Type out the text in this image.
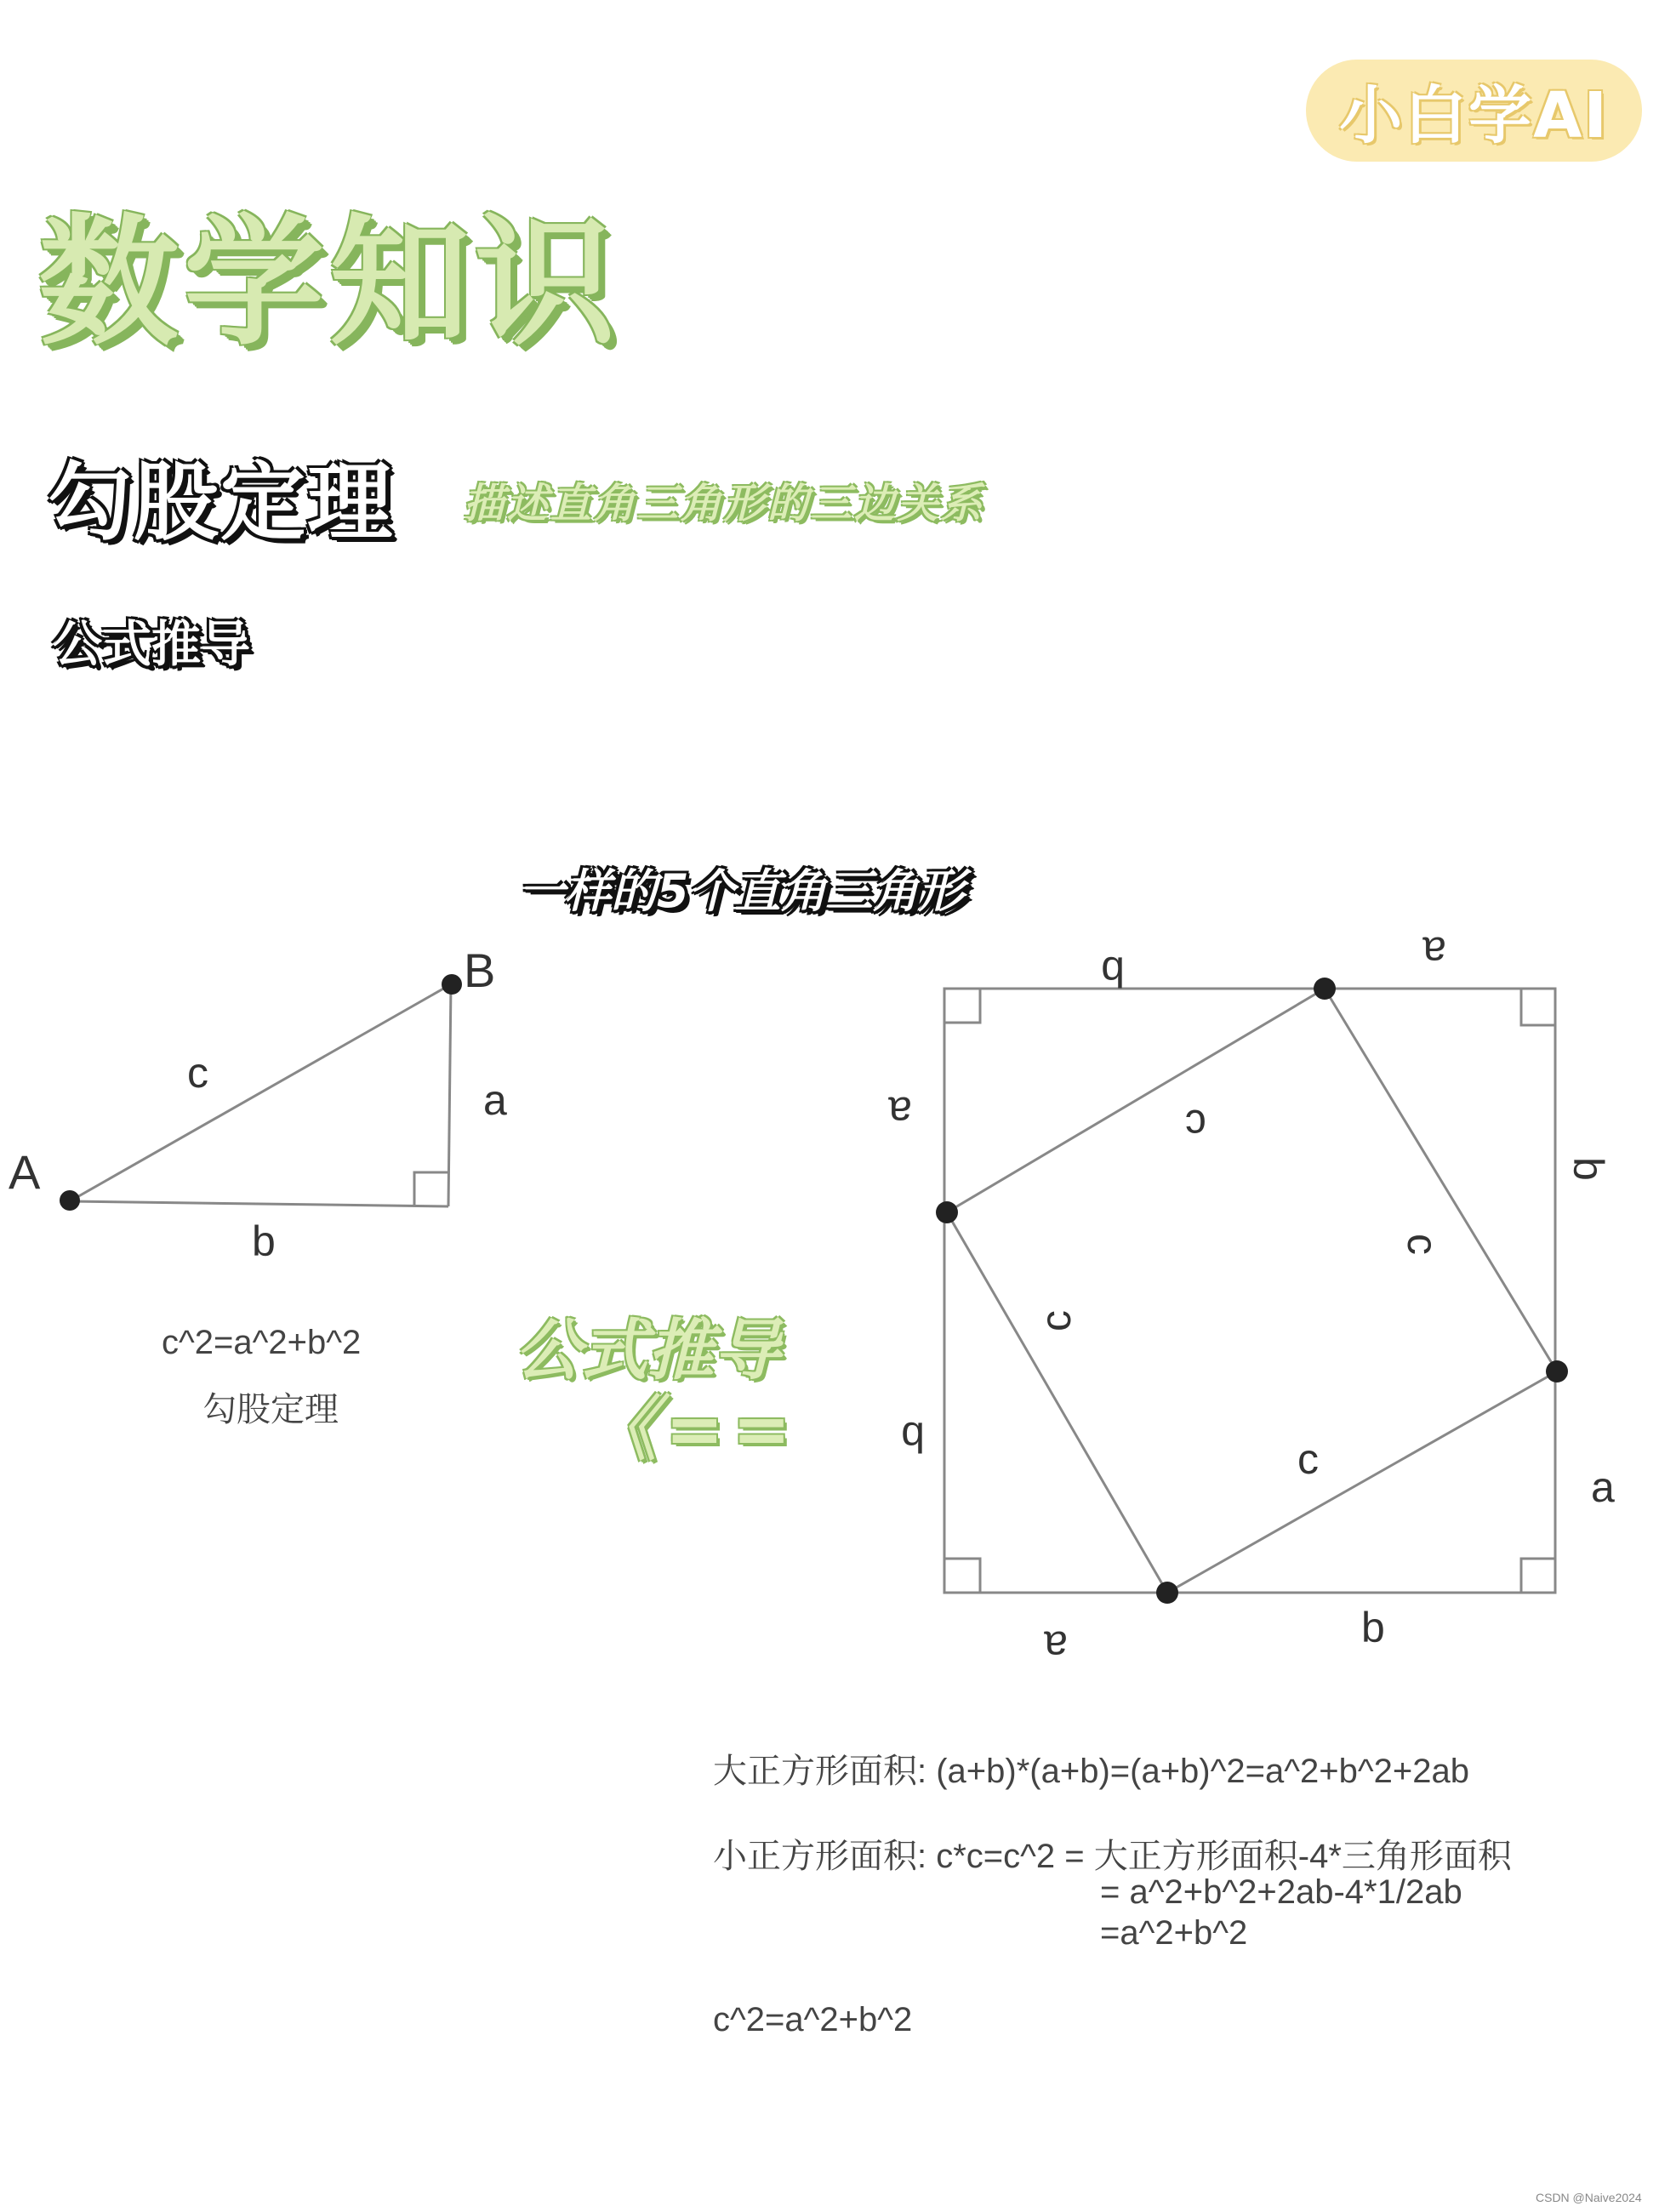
小白学AI
数学知识
勾股定理 描述直角三角形的三边关系
公式推导
一样的5个直角三角形
A
B
c
a
b
b	a
a
b
b
a
a	b
c
c
c
c
c^2=a^2+b^2
勾股定理
公式推导
《==
大正方形面积: (a+b)*(a+b)=(a+b)^2=a^2+b^2+2ab
小正方形面积: c*c=c^2 = 大正方形面积-4*三角形面积
= a^2+b^2+2ab-4*1/2ab
=a^2+b^2
c^2=a^2+b^2
CSDN @Naive2024
